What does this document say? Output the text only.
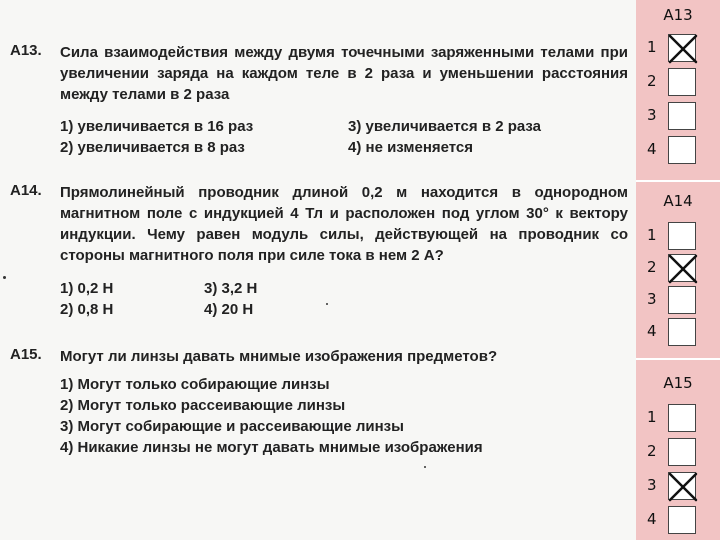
A13. Сила взаимодействия между двумя точечными заряженными телами при увеличении заряда на каждом теле в 2 раза и уменьшении расстояния между телами в 2 раза
1) увеличивается в 16 раз
2) увеличивается в 8 раз
3) увеличивается в 2 раза
4) не изменяется
A14. Прямолинейный проводник длиной 0,2 м находится в однородном магнитном поле с индукцией 4 Тл и расположен под углом 30° к вектору индукции. Чему равен модуль силы, действующей на проводник со стороны магнитного поля при силе тока в нем 2 А?
1) 0,2 Н
2) 0,8 Н
3) 3,2 Н
4) 20 Н
A15. Могут ли линзы давать мнимые изображения предметов?
1) Могут только собирающие линзы
2) Могут только рассеивающие линзы
3) Могут собирающие и рассеивающие линзы
4) Никакие линзы не могут давать мнимые изображения
A13
1
2
3
4
A14
1
2
3
4
A15
1
2
3
4
